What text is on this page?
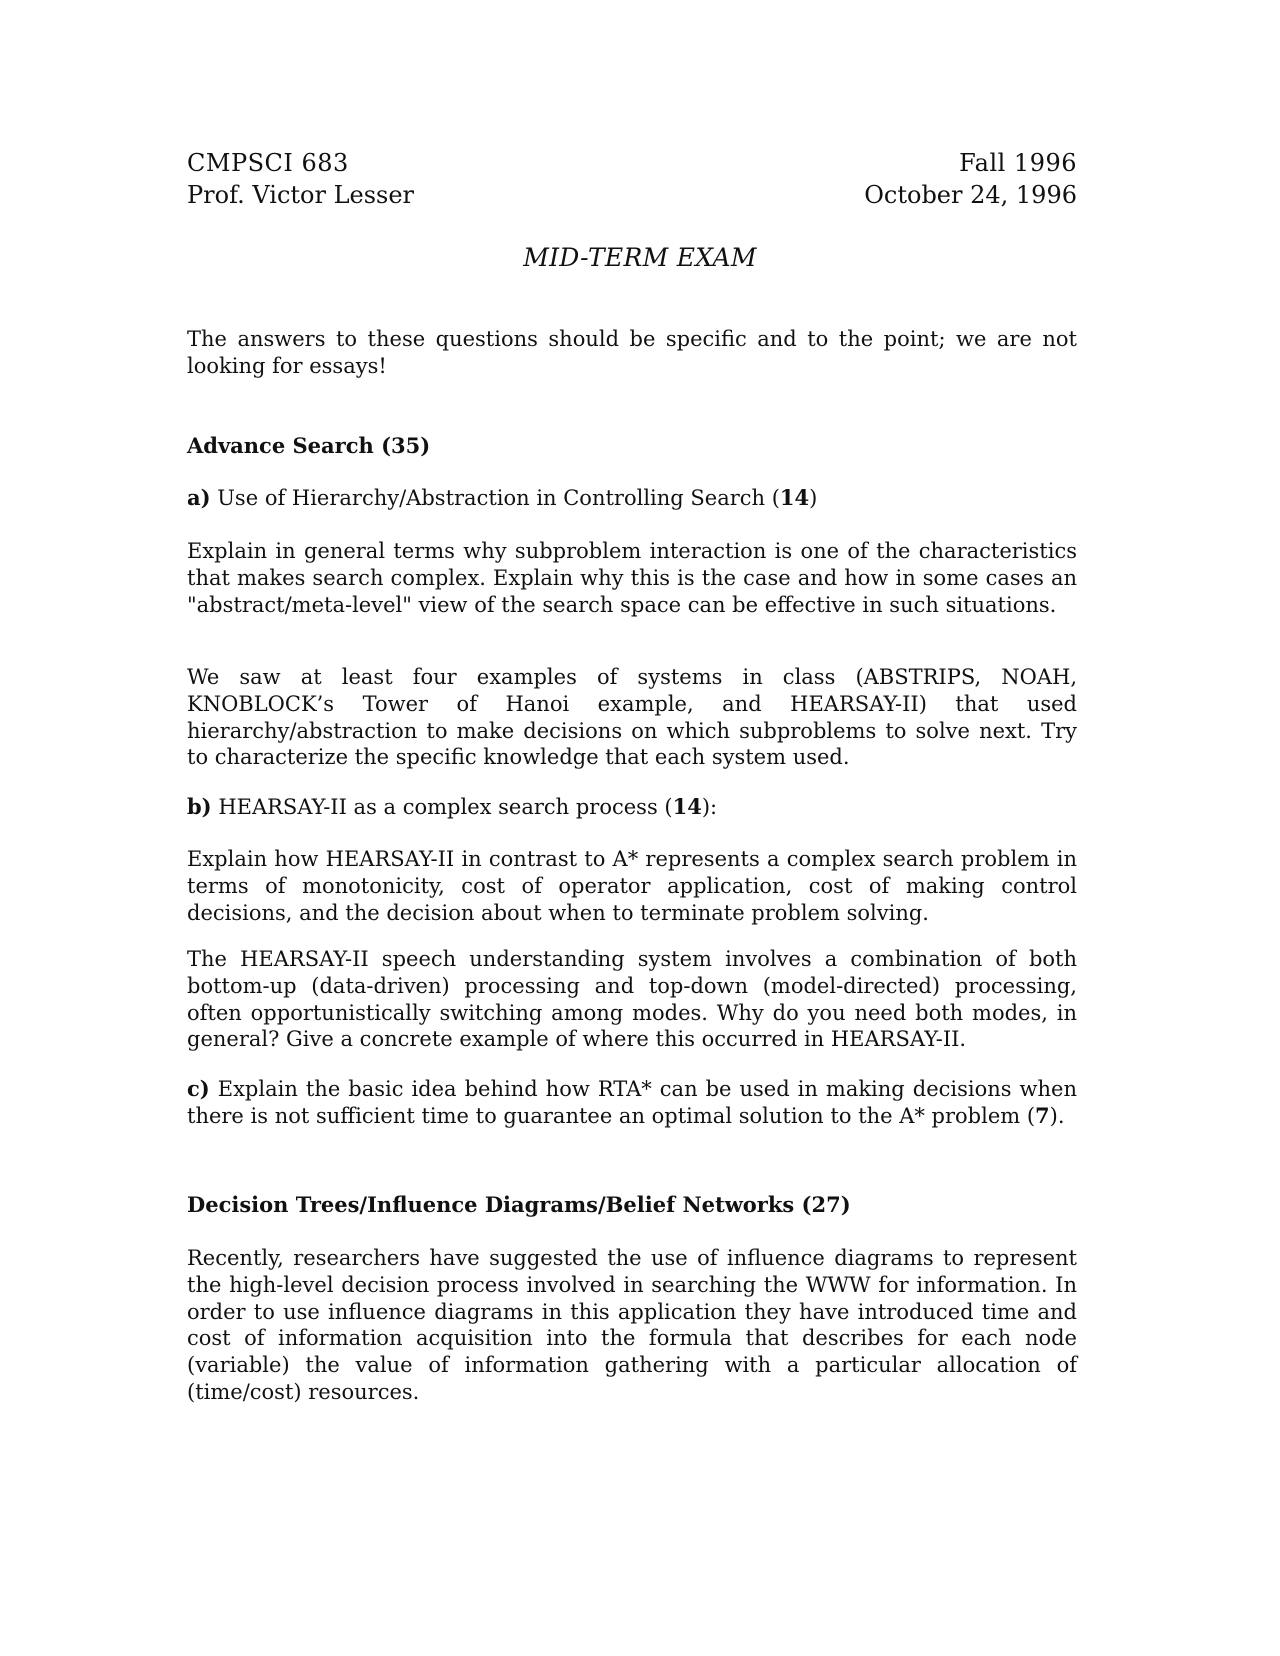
CMPSCI 683	Fall 1996
Prof. Victor Lesser	October 24, 1996
MID-TERM EXAM
The answers to these questions should be specific and to the point; we are not looking for essays!
Advance Search (35)
a) Use of Hierarchy/Abstraction in Controlling Search (14)
Explain in general terms why subproblem interaction is one of the characteristics that makes search complex. Explain why this is the case and how in some cases an "abstract/meta-level" view of the search space can be effective in such situations.
We saw at least four examples of systems in class (ABSTRIPS, NOAH, KNOBLOCK’s Tower of Hanoi example, and HEARSAY-II) that used hierarchy/abstraction to make decisions on which subproblems to solve next. Try to characterize the specific knowledge that each system used.
b) HEARSAY-II as a complex search process (14):
Explain how HEARSAY-II in contrast to A* represents a complex search problem in terms of monotonicity, cost of operator application, cost of making control decisions, and the decision about when to terminate problem solving.
The HEARSAY-II speech understanding system involves a combination of both bottom-up (data-driven) processing and top-down (model-directed) processing, often opportunistically switching among modes. Why do you need both modes, in general? Give a concrete example of where this occurred in HEARSAY-II.
c) Explain the basic idea behind how RTA* can be used in making decisions when there is not sufficient time to guarantee an optimal solution to the A* problem (7).
Decision Trees/Influence Diagrams/Belief Networks (27)
Recently, researchers have suggested the use of influence diagrams to represent the high-level decision process involved in searching the WWW for information. In order to use influence diagrams in this application they have introduced time and cost of information acquisition into the formula that describes for each node (variable) the value of information gathering with a particular allocation of (time/cost) resources.
